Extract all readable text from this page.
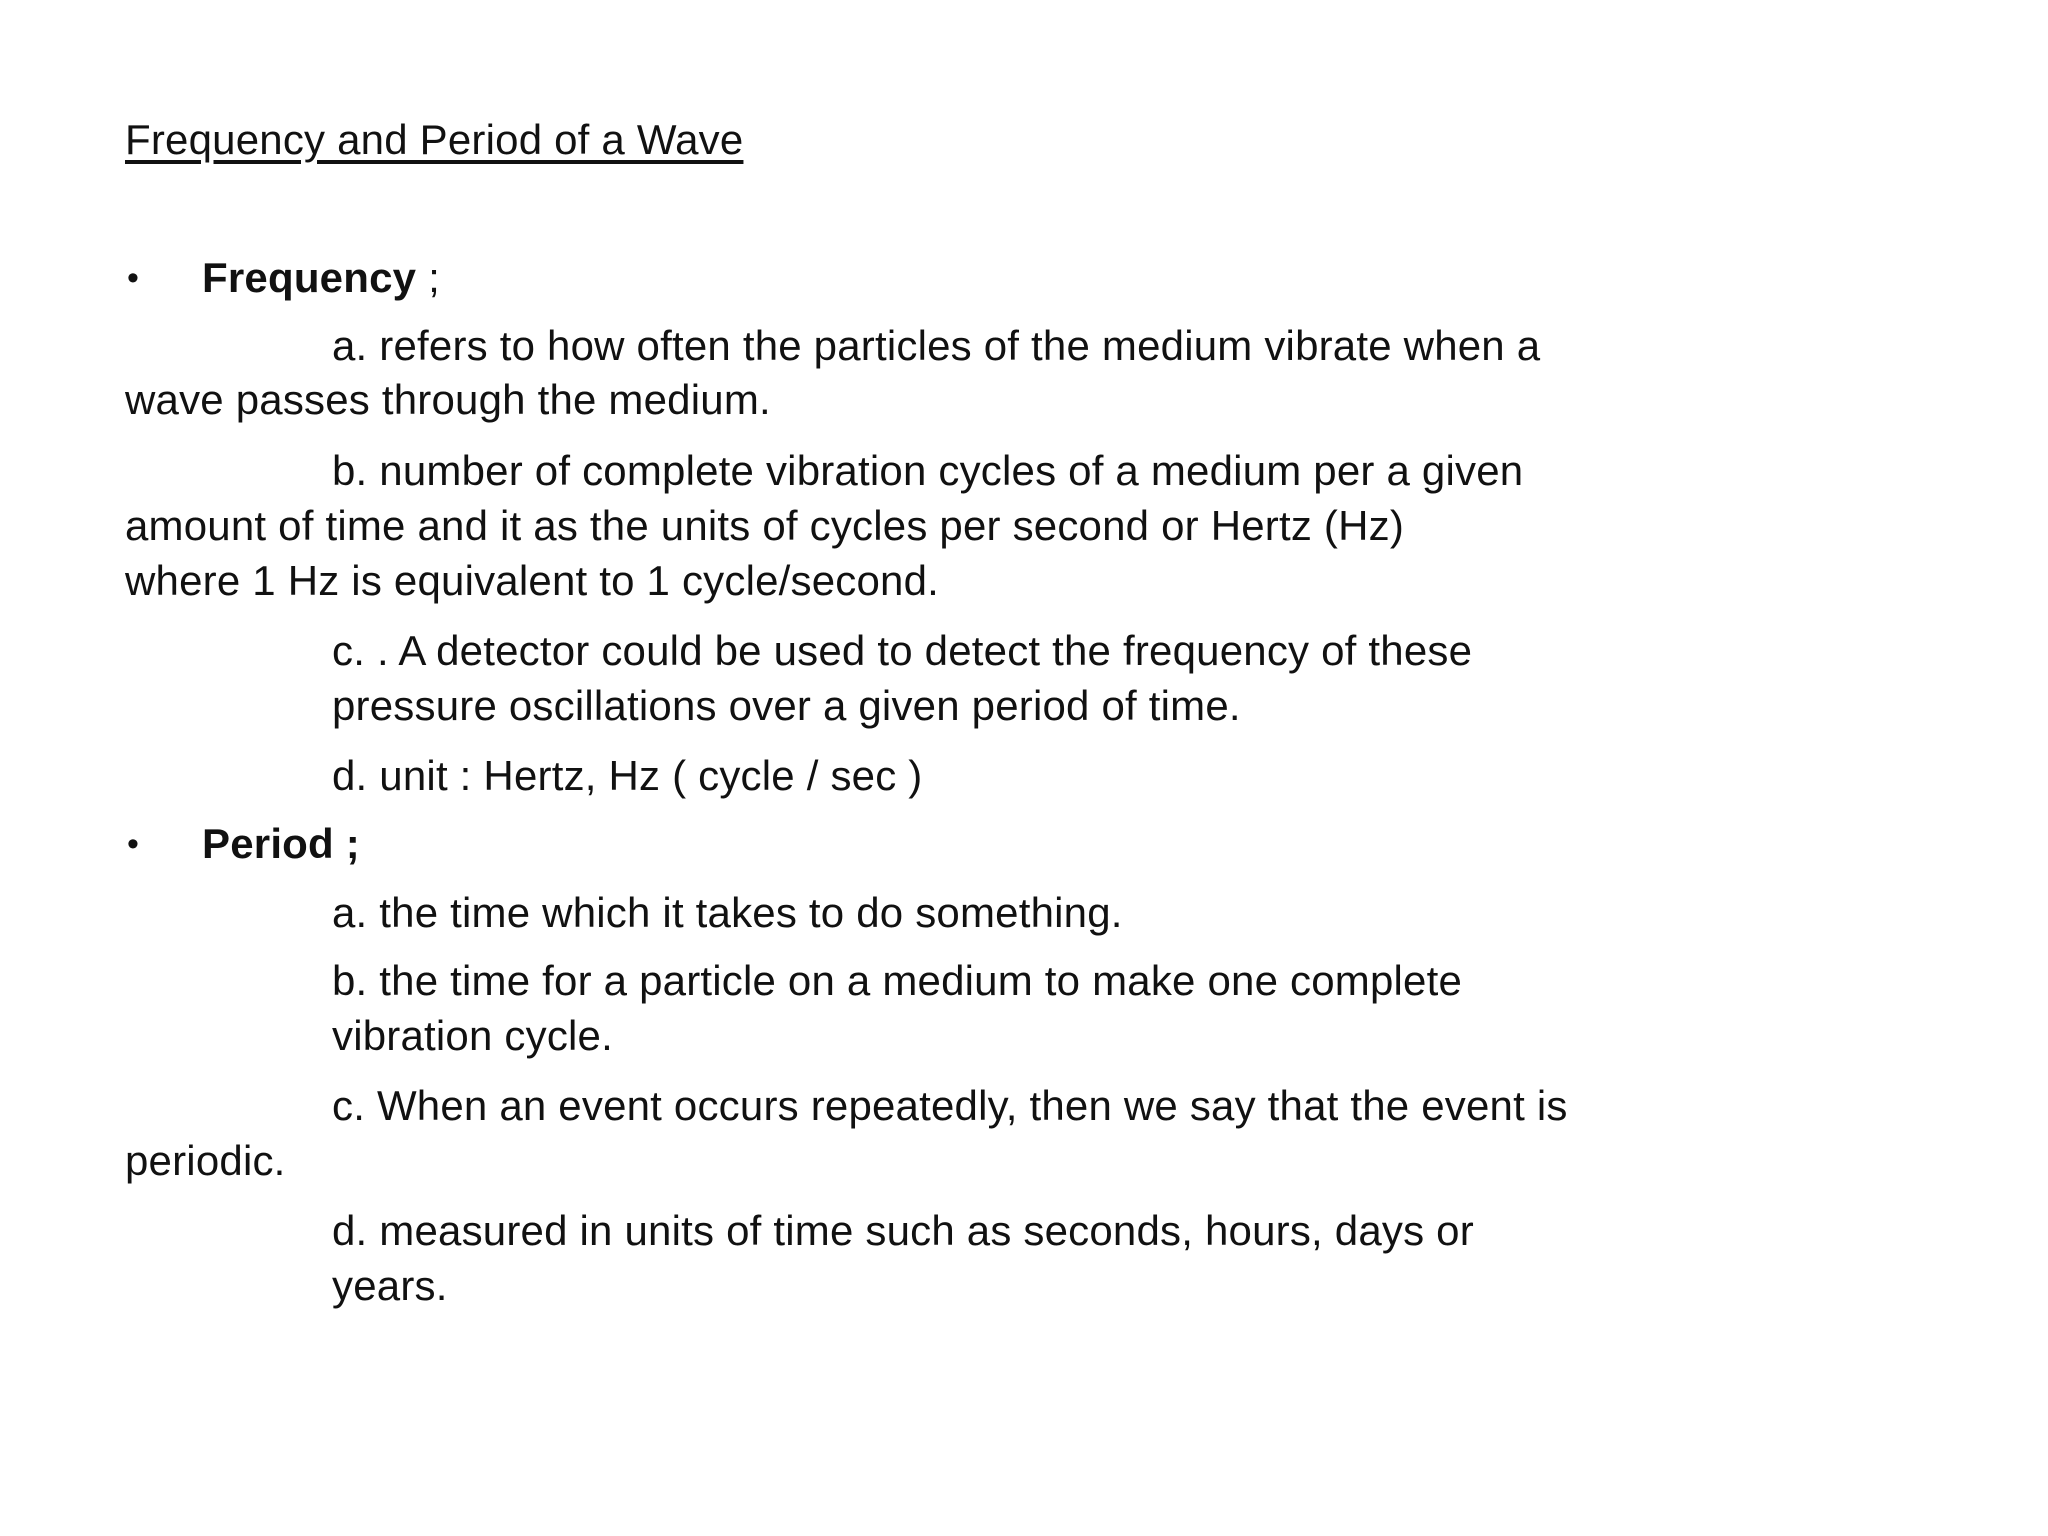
Frequency and Period of a Wave
• Frequency ;
a. refers to how often the particles of the medium vibrate when a
wave passes through the medium.
b. number of complete vibration cycles of a medium per a given
amount of time and it as the units of cycles per second or Hertz (Hz)
where 1 Hz is equivalent to 1 cycle/second.
c. . A detector could be used to detect the frequency of these
pressure oscillations over a given period of time.
d. unit : Hertz, Hz ( cycle / sec )
• Period ;
a. the time which it takes to do something.
b. the time for a particle on a medium to make one complete
vibration cycle.
c. When an event occurs repeatedly, then we say that the event is
periodic.
d. measured in units of time such as seconds, hours, days or
years.
